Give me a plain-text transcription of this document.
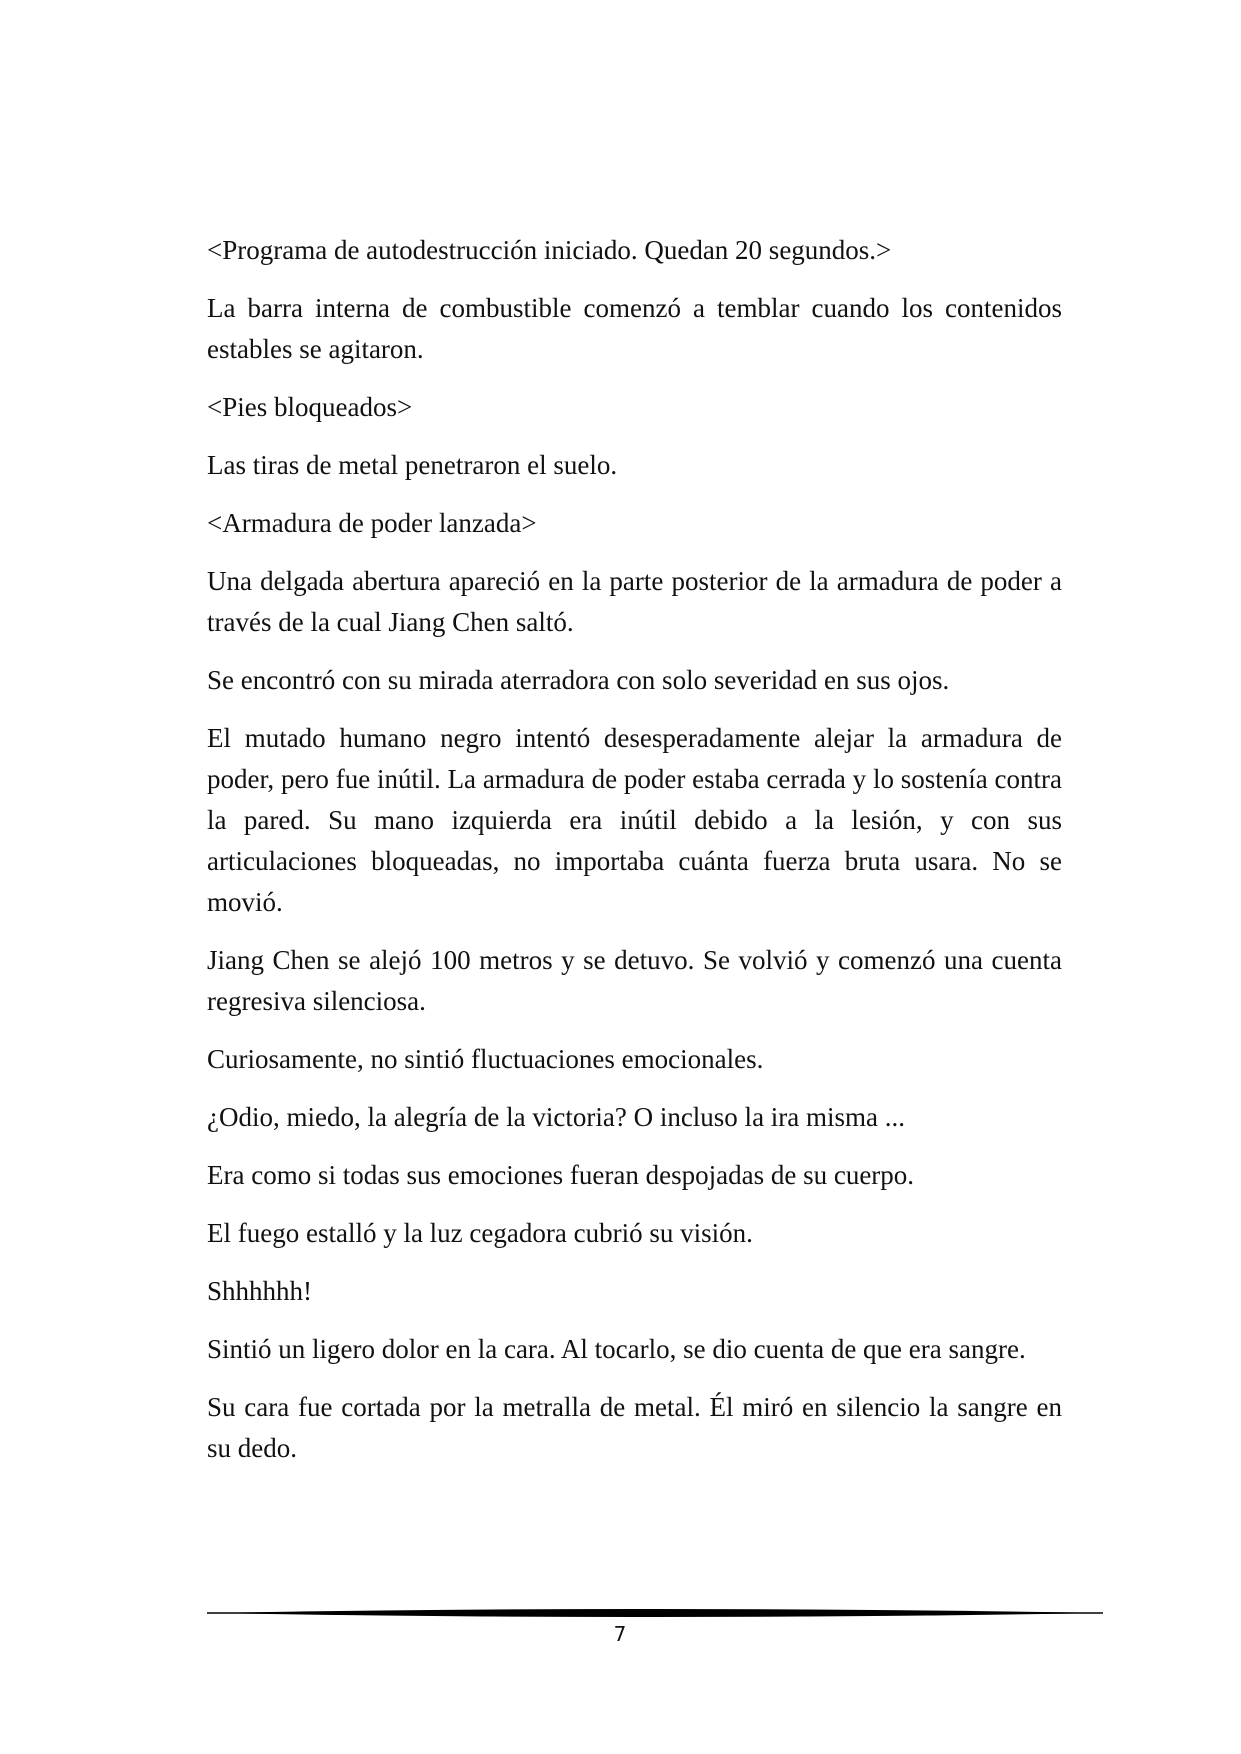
<Programa de autodestrucción iniciado. Quedan 20 segundos.>

La barra interna de combustible comenzó a temblar cuando los contenidos estables se agitaron.

<Pies bloqueados>

Las tiras de metal penetraron el suelo.

<Armadura de poder lanzada>

Una delgada abertura apareció en la parte posterior de la armadura de poder a través de la cual Jiang Chen saltó.

Se encontró con su mirada aterradora con solo severidad en sus ojos.

El mutado humano negro intentó desesperadamente alejar la armadura de poder, pero fue inútil. La armadura de poder estaba cerrada y lo sostenía contra la pared. Su mano izquierda era inútil debido a la lesión, y con sus articulaciones bloqueadas, no importaba cuánta fuerza bruta usara. No se movió.

Jiang Chen se alejó 100 metros y se detuvo. Se volvió y comenzó una cuenta regresiva silenciosa.

Curiosamente, no sintió fluctuaciones emocionales.

¿Odio, miedo, la alegría de la victoria? O incluso la ira misma ...

Era como si todas sus emociones fueran despojadas de su cuerpo.

El fuego estalló y la luz cegadora cubrió su visión.

Shhhhhh!

Sintió un ligero dolor en la cara. Al tocarlo, se dio cuenta de que era sangre.

Su cara fue cortada por la metralla de metal. Él miró en silencio la sangre en su dedo.

7
